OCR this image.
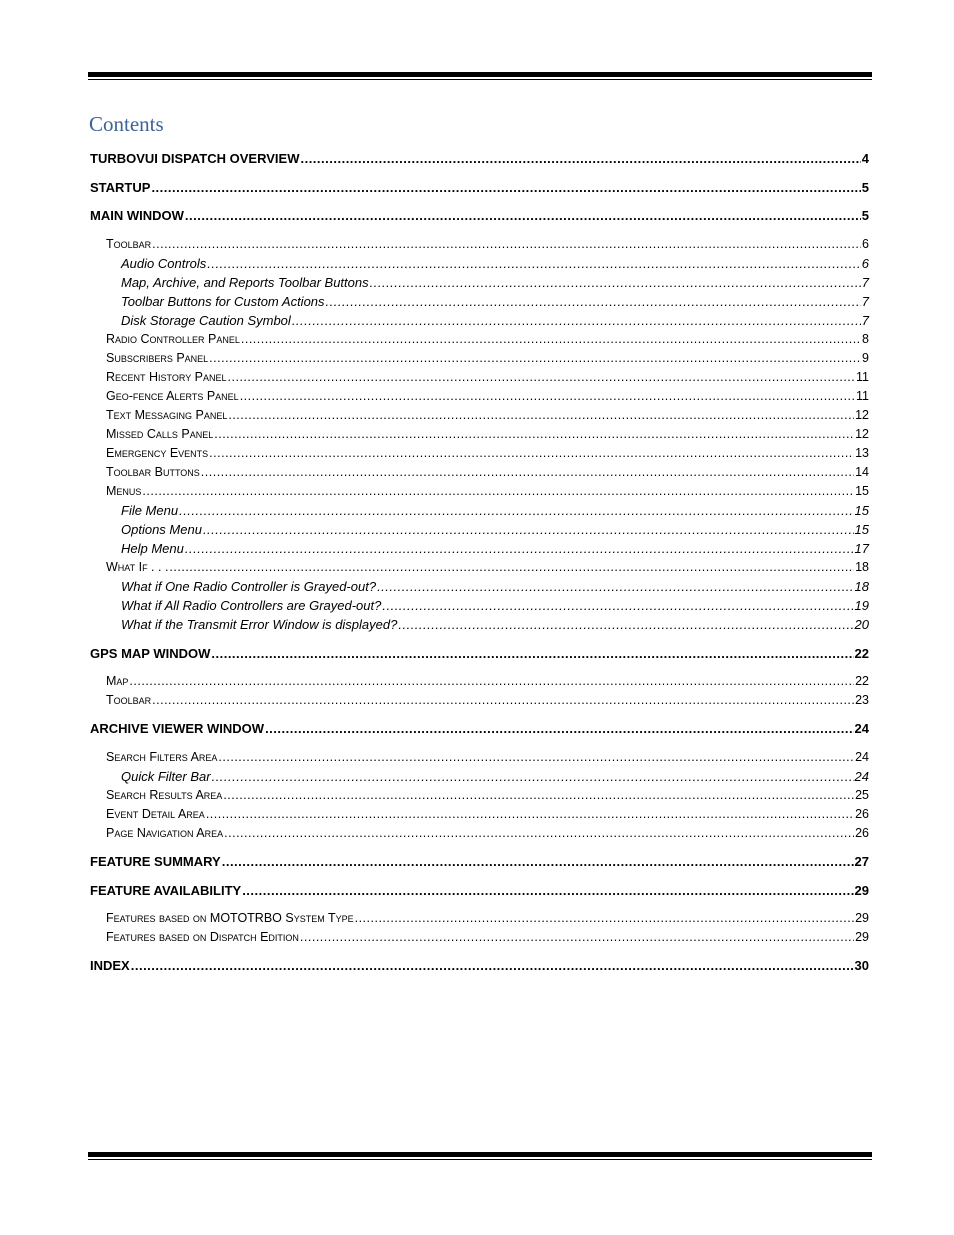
Contents
TURBOVUI DISPATCH OVERVIEW .....	4
STARTUP .....	5
MAIN WINDOW .....	5
Toolbar .....	6
Audio Controls .....	6
Map, Archive, and Reports Toolbar Buttons .....	7
Toolbar Buttons for Custom Actions .....	7
Disk Storage Caution Symbol .....	7
Radio Controller Panel .....	8
Subscribers Panel .....	9
Recent History Panel .....	11
Geo-fence Alerts Panel .....	11
Text Messaging Panel .....	12
Missed Calls Panel .....	12
Emergency Events .....	13
Toolbar Buttons .....	14
Menus .....	15
File Menu .....	15
Options Menu .....	15
Help Menu .....	17
What If . . . .....	18
What if One Radio Controller is Grayed-out? .....	18
What if All Radio Controllers are Grayed-out? .....	19
What if the Transmit Error Window is displayed? .....	20
GPS MAP WINDOW .....	22
Map .....	22
Toolbar .....	23
ARCHIVE VIEWER WINDOW .....	24
Search Filters Area .....	24
Quick Filter Bar .....	24
Search Results Area .....	25
Event Detail Area .....	26
Page Navigation Area .....	26
FEATURE SUMMARY .....	27
FEATURE AVAILABILITY .....	29
Features based on MOTOTRBO System Type .....	29
Features based on Dispatch Edition .....	29
INDEX .....	30
